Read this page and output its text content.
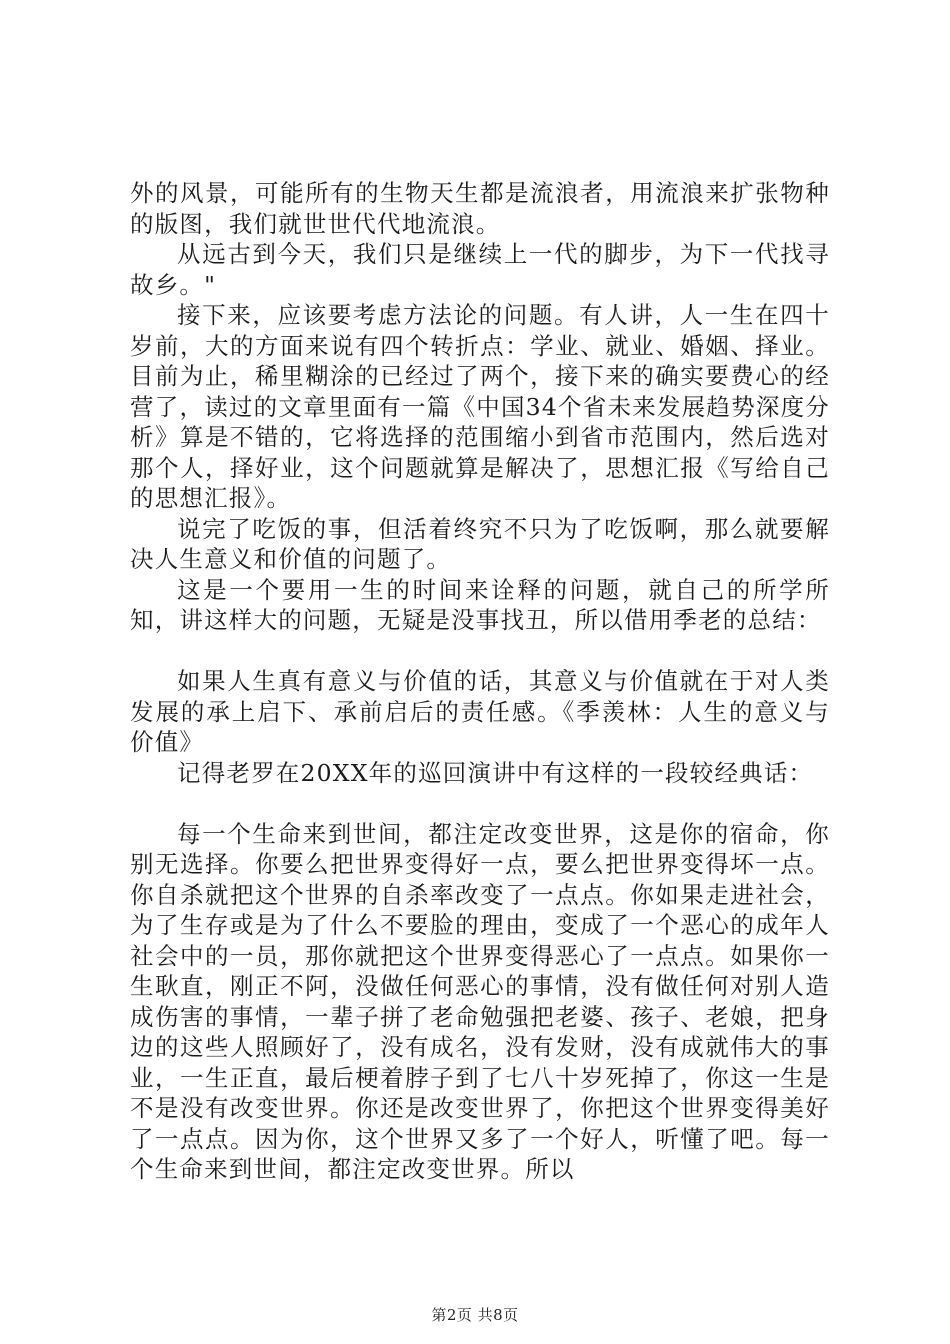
外的风景，可能所有的生物天生都是流浪者，用流浪来扩张物种的版图，我们就世世代代地流浪。

从远古到今天，我们只是继续上一代的脚步，为下一代找寻故乡。"

接下来，应该要考虑方法论的问题。有人讲，人一生在四十岁前，大的方面来说有四个转折点：学业、就业、婚姻、择业。目前为止，稀里糊涂的已经过了两个，接下来的确实要费心的经营了，读过的文章里面有一篇《中国34个省未来发展趋势深度分析》算是不错的，它将选择的范围缩小到省市范围内，然后选对那个人，择好业，这个问题就算是解决了，思想汇报《写给自己的思想汇报》。

说完了吃饭的事，但活着终究不只为了吃饭啊，那么就要解决人生意义和价值的问题了。

这是一个要用一生的时间来诠释的问题，就自己的所学所知，讲这样大的问题，无疑是没事找丑，所以借用季老的总结：

如果人生真有意义与价值的话，其意义与价值就在于对人类发展的承上启下、承前启后的责任感。《季羡林：人生的意义与价值》

记得老罗在20XX年的巡回演讲中有这样的一段较经典话：

每一个生命来到世间，都注定改变世界，这是你的宿命，你别无选择。你要么把世界变得好一点，要么把世界变得坏一点。你自杀就把这个世界的自杀率改变了一点点。你如果走进社会，为了生存或是为了什么不要脸的理由，变成了一个恶心的成年人社会中的一员，那你就把这个世界变得恶心了一点点。如果你一生耿直，刚正不阿，没做任何恶心的事情，没有做任何对别人造成伤害的事情，一辈子拼了老命勉强把老婆、孩子、老娘，把身边的这些人照顾好了，没有成名，没有发财，没有成就伟大的事业，一生正直，最后梗着脖子到了七八十岁死掉了，你这一生是不是没有改变世界。你还是改变世界了，你把这个世界变得美好了一点点。因为你，这个世界又多了一个好人，听懂了吧。每一个生命来到世间，都注定改变世界。所以

第2页 共8页
